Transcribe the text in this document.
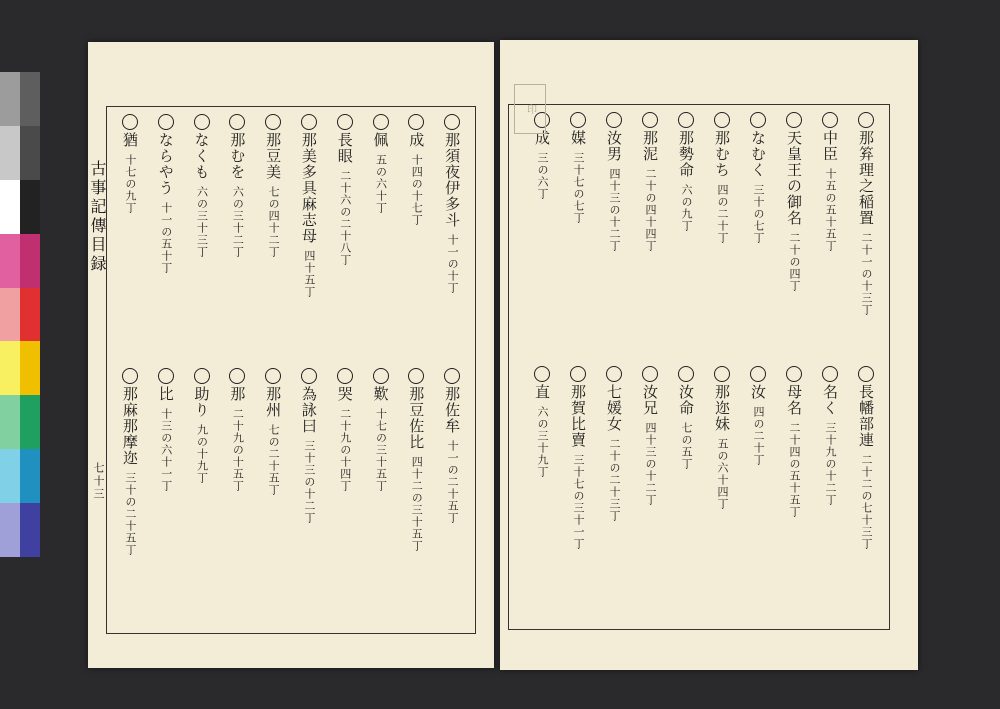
那須夜伊多斗十一の十丁
成十四の十七丁
佩五の六十丁
長眼二十六の二十八丁
那美多具麻志母四十五丁
那豆美七の四十二丁
那むを六の三十二丁
なくも六の三十三丁
ならやう十一の五十丁
猶十七の九丁
那佐牟十一の二十五丁
那豆佐比四十二の三十五丁
歎十七の三十五丁
哭二十九の十四丁
為詠曰三十三の十二丁
那州七の二十五丁
那二十九の十五丁
助り九の十九丁
比十三の六十一丁
那麻那摩迩三十の二十五丁
古事記傳目録
七十三
那笲理之稲置二十一の十三丁
中臣十五の五十五丁
天皇王の御名二十の四丁
なむく三十の七丁
那むち四の二十丁
那勢命六の九丁
那泥二十の四十四丁
汝男四十三の十二丁
媒三十七の七丁
成三の六丁
長幡部連二十二の七十三丁
名く三十九の十二丁
母名二十四の五十五丁
汝四の二十丁
那迩妹五の六十四丁
汝命七の五丁
汝兄四十三の十二丁
七媛女二十の二十三丁
那賀比賣三十七の三十一丁
直六の三十九丁
印
